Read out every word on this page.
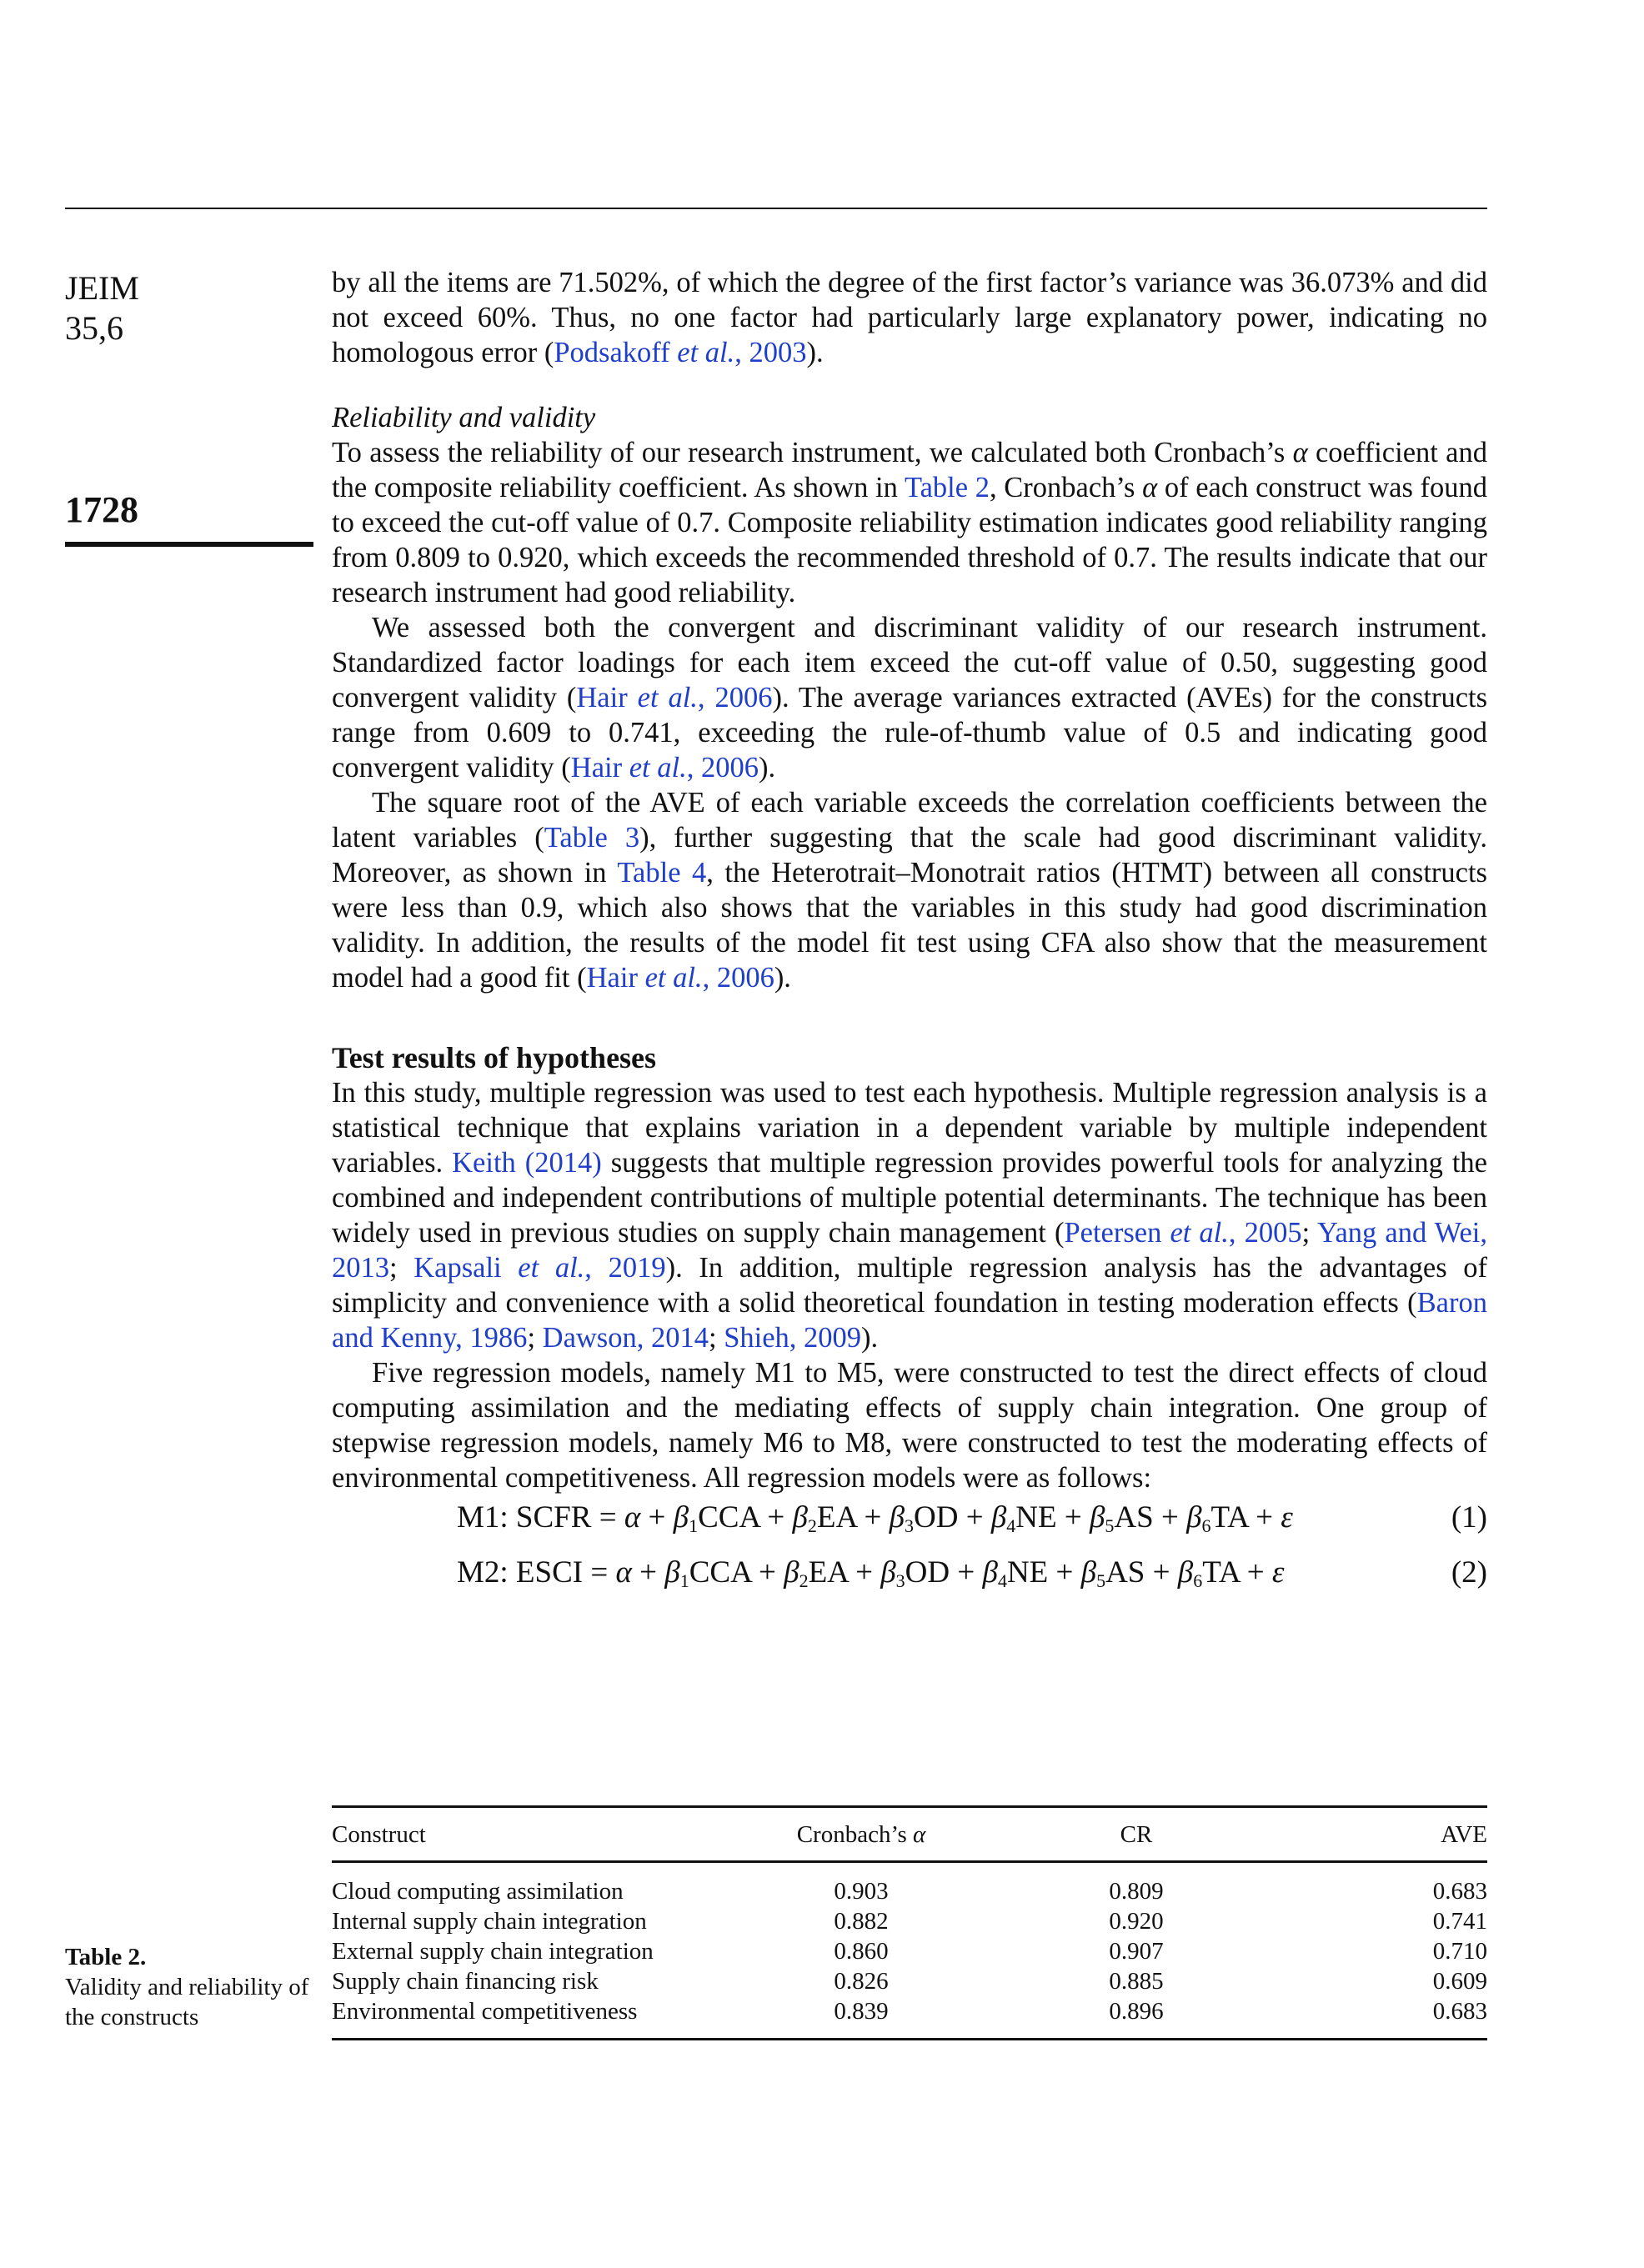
JEIM
35,6
1728

by all the items are 71.502%, of which the degree of the first factor’s variance was 36.073% and did not exceed 60%. Thus, no one factor had particularly large explanatory power, indicating no homologous error (Podsakoff et al., 2003).

Reliability and validity

To assess the reliability of our research instrument, we calculated both Cronbach’s α coefficient and the composite reliability coefficient. As shown in Table 2, Cronbach’s α of each construct was found to exceed the cut-off value of 0.7. Composite reliability estimation indicates good reliability ranging from 0.809 to 0.920, which exceeds the recommended threshold of 0.7. The results indicate that our research instrument had good reliability.

We assessed both the convergent and discriminant validity of our research instrument. Standardized factor loadings for each item exceed the cut-off value of 0.50, suggesting good convergent validity (Hair et al., 2006). The average variances extracted (AVEs) for the constructs range from 0.609 to 0.741, exceeding the rule-of-thumb value of 0.5 and indicating good convergent validity (Hair et al., 2006).

The square root of the AVE of each variable exceeds the correlation coefficients between the latent variables (Table 3), further suggesting that the scale had good discriminant validity. Moreover, as shown in Table 4, the Heterotrait–Monotrait ratios (HTMT) between all constructs were less than 0.9, which also shows that the variables in this study had good discrimination validity. In addition, the results of the model fit test using CFA also show that the measurement model had a good fit (Hair et al., 2006).

Test results of hypotheses

In this study, multiple regression was used to test each hypothesis. Multiple regression analysis is a statistical technique that explains variation in a dependent variable by multiple independent variables. Keith (2014) suggests that multiple regression provides powerful tools for analyzing the combined and independent contributions of multiple potential determinants. The technique has been widely used in previous studies on supply chain management (Petersen et al., 2005; Yang and Wei, 2013; Kapsali et al., 2019). In addition, multiple regression analysis has the advantages of simplicity and convenience with a solid theoretical foundation in testing moderation effects (Baron and Kenny, 1986; Dawson, 2014; Shieh, 2009).

Five regression models, namely M1 to M5, were constructed to test the direct effects of cloud computing assimilation and the mediating effects of supply chain integration. One group of stepwise regression models, namely M6 to M8, were constructed to test the moderating effects of environmental competitiveness. All regression models were as follows:

M1: SCFR = $\alpha + \beta_1CCA + \beta_2EA + \beta_3OD + \beta_4NE + \beta_5AS + \beta_6TA + \varepsilon$	(1)
M2: ESCI = $\alpha + \beta_1CCA + \beta_2EA + \beta_3OD + \beta_4NE + \beta_5AS + \beta_6TA + \varepsilon$	(2)
Table 2.
Validity and reliability of the constructs
Construct	Cronbach’s α	CR	AVE
Cloud computing assimilation	0.903	0.809	0.683
Internal supply chain integration	0.882	0.920	0.741
External supply chain integration	0.860	0.907	0.710
Supply chain financing risk	0.826	0.885	0.609
Environmental competitiveness	0.839	0.896	0.683
